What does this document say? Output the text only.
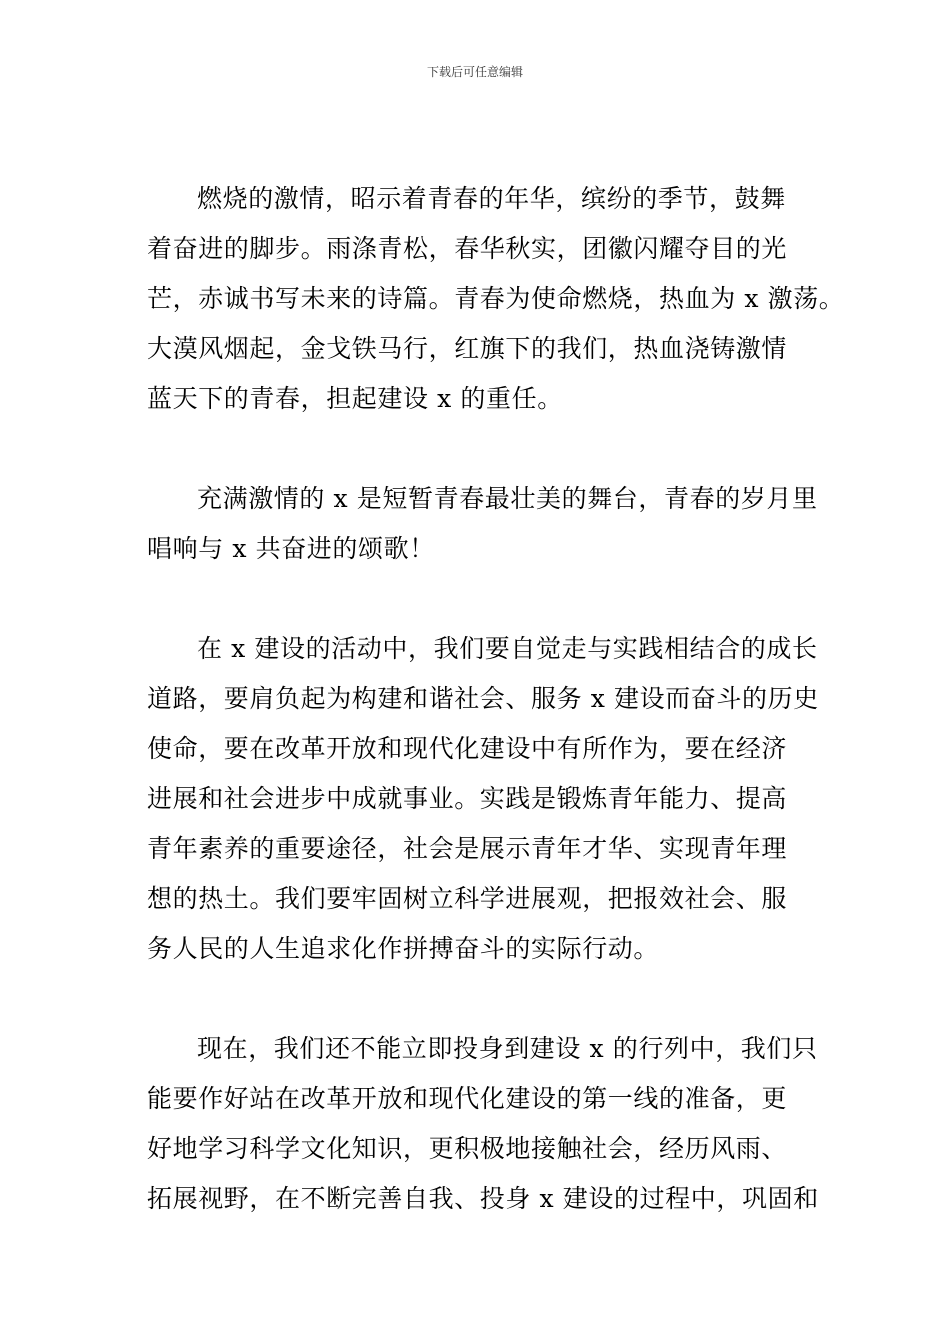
下载后可任意编辑
燃烧的激情，昭示着青春的年华，缤纷的季节，鼓舞
着奋进的脚步。雨涤青松，春华秋实，团徽闪耀夺目的光
芒，赤诚书写未来的诗篇。青春为使命燃烧，热血为 x 激荡。
大漠风烟起，金戈铁马行，红旗下的我们，热血浇铸激情
蓝天下的青春，担起建设 x 的重任。
充满激情的 x 是短暂青春最壮美的舞台，青春的岁月里
唱响与 x 共奋进的颂歌！
在 x 建设的活动中，我们要自觉走与实践相结合的成长
道路，要肩负起为构建和谐社会、服务 x 建设而奋斗的历史
使命，要在改革开放和现代化建设中有所作为，要在经济
进展和社会进步中成就事业。实践是锻炼青年能力、提高
青年素养的重要途径，社会是展示青年才华、实现青年理
想的热土。我们要牢固树立科学进展观，把报效社会、服
务人民的人生追求化作拼搏奋斗的实际行动。
现在，我们还不能立即投身到建设 x 的行列中，我们只
能要作好站在改革开放和现代化建设的第一线的准备，更
好地学习科学文化知识，更积极地接触社会，经历风雨、
拓展视野，在不断完善自我、投身 x 建设的过程中，巩固和
